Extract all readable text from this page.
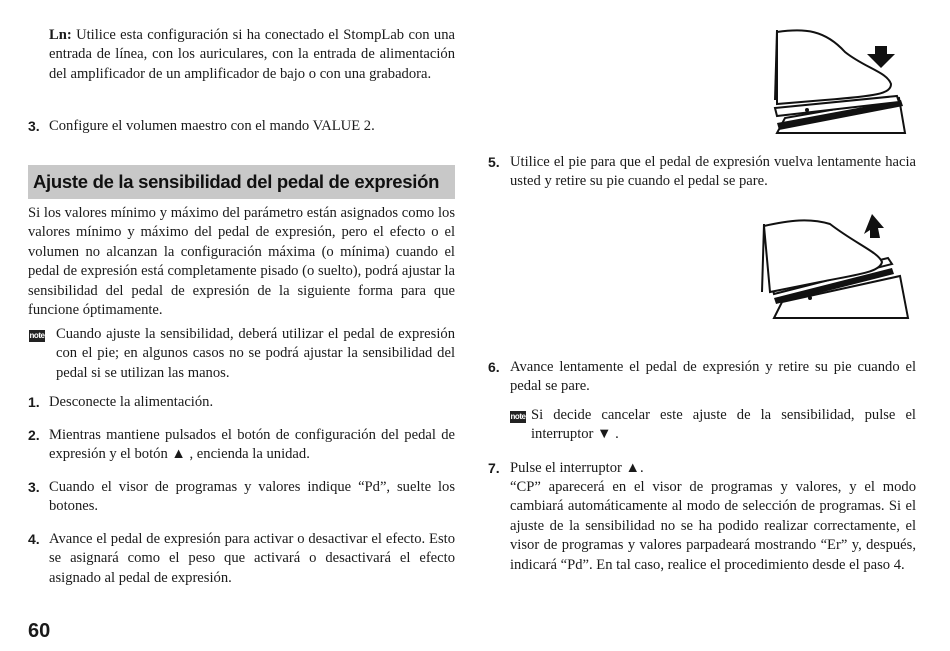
Ln: Utilice esta configuración si ha conectado el StompLab con una entrada de línea, con los auriculares, con la entrada de alimentación del amplificador de un amplificador de bajo o con una grabadora.

3. Configure el volumen maestro con el mando VALUE 2.

Ajuste de la sensibilidad del pedal de expresión

Si los valores mínimo y máximo del parámetro están asignados como los valores mínimo y máximo del pedal de expresión, pero el efecto o el volumen no alcanzan la configuración máxima (o mínima) cuando el pedal de expresión está completamente pisado (o suelto), podrá ajustar la sensibilidad del pedal de expresión de la siguiente forma para que funcione óptimamente.

note Cuando ajuste la sensibilidad, deberá utilizar el pedal de expresión con el pie; en algunos casos no se podrá ajustar la sensibilidad del pedal si se utilizan las manos.

1. Desconecte la alimentación.

2. Mientras mantiene pulsados el botón de configuración del pedal de expresión y el botón ▲ , encienda la unidad.

3. Cuando el visor de programas y valores indique “Pd”, suelte los botones.

4. Avance el pedal de expresión para activar o desactivar el efecto. Esto se asignará como el peso que activará o desactivará el efecto asignado al pedal de expresión.

60
5. Utilice el pie para que el pedal de expresión vuelva lentamente hacia usted y retire su pie cuando el pedal se pare.

6. Avance lentamente el pedal de expresión y retire su pie cuando el pedal se pare.

note Si decide cancelar este ajuste de la sensibilidad, pulse el interruptor ▼ .

7. Pulse el interruptor ▲.

“CP” aparecerá en el visor de programas y valores, y el modo cambiará automáticamente al modo de selección de programas. Si el ajuste de la sensibilidad no se ha podido realizar correctamente, el visor de programas y valores parpadeará mostrando “Er” y, después, indicará “Pd”. En tal caso, realice el procedimiento desde el paso 4.
